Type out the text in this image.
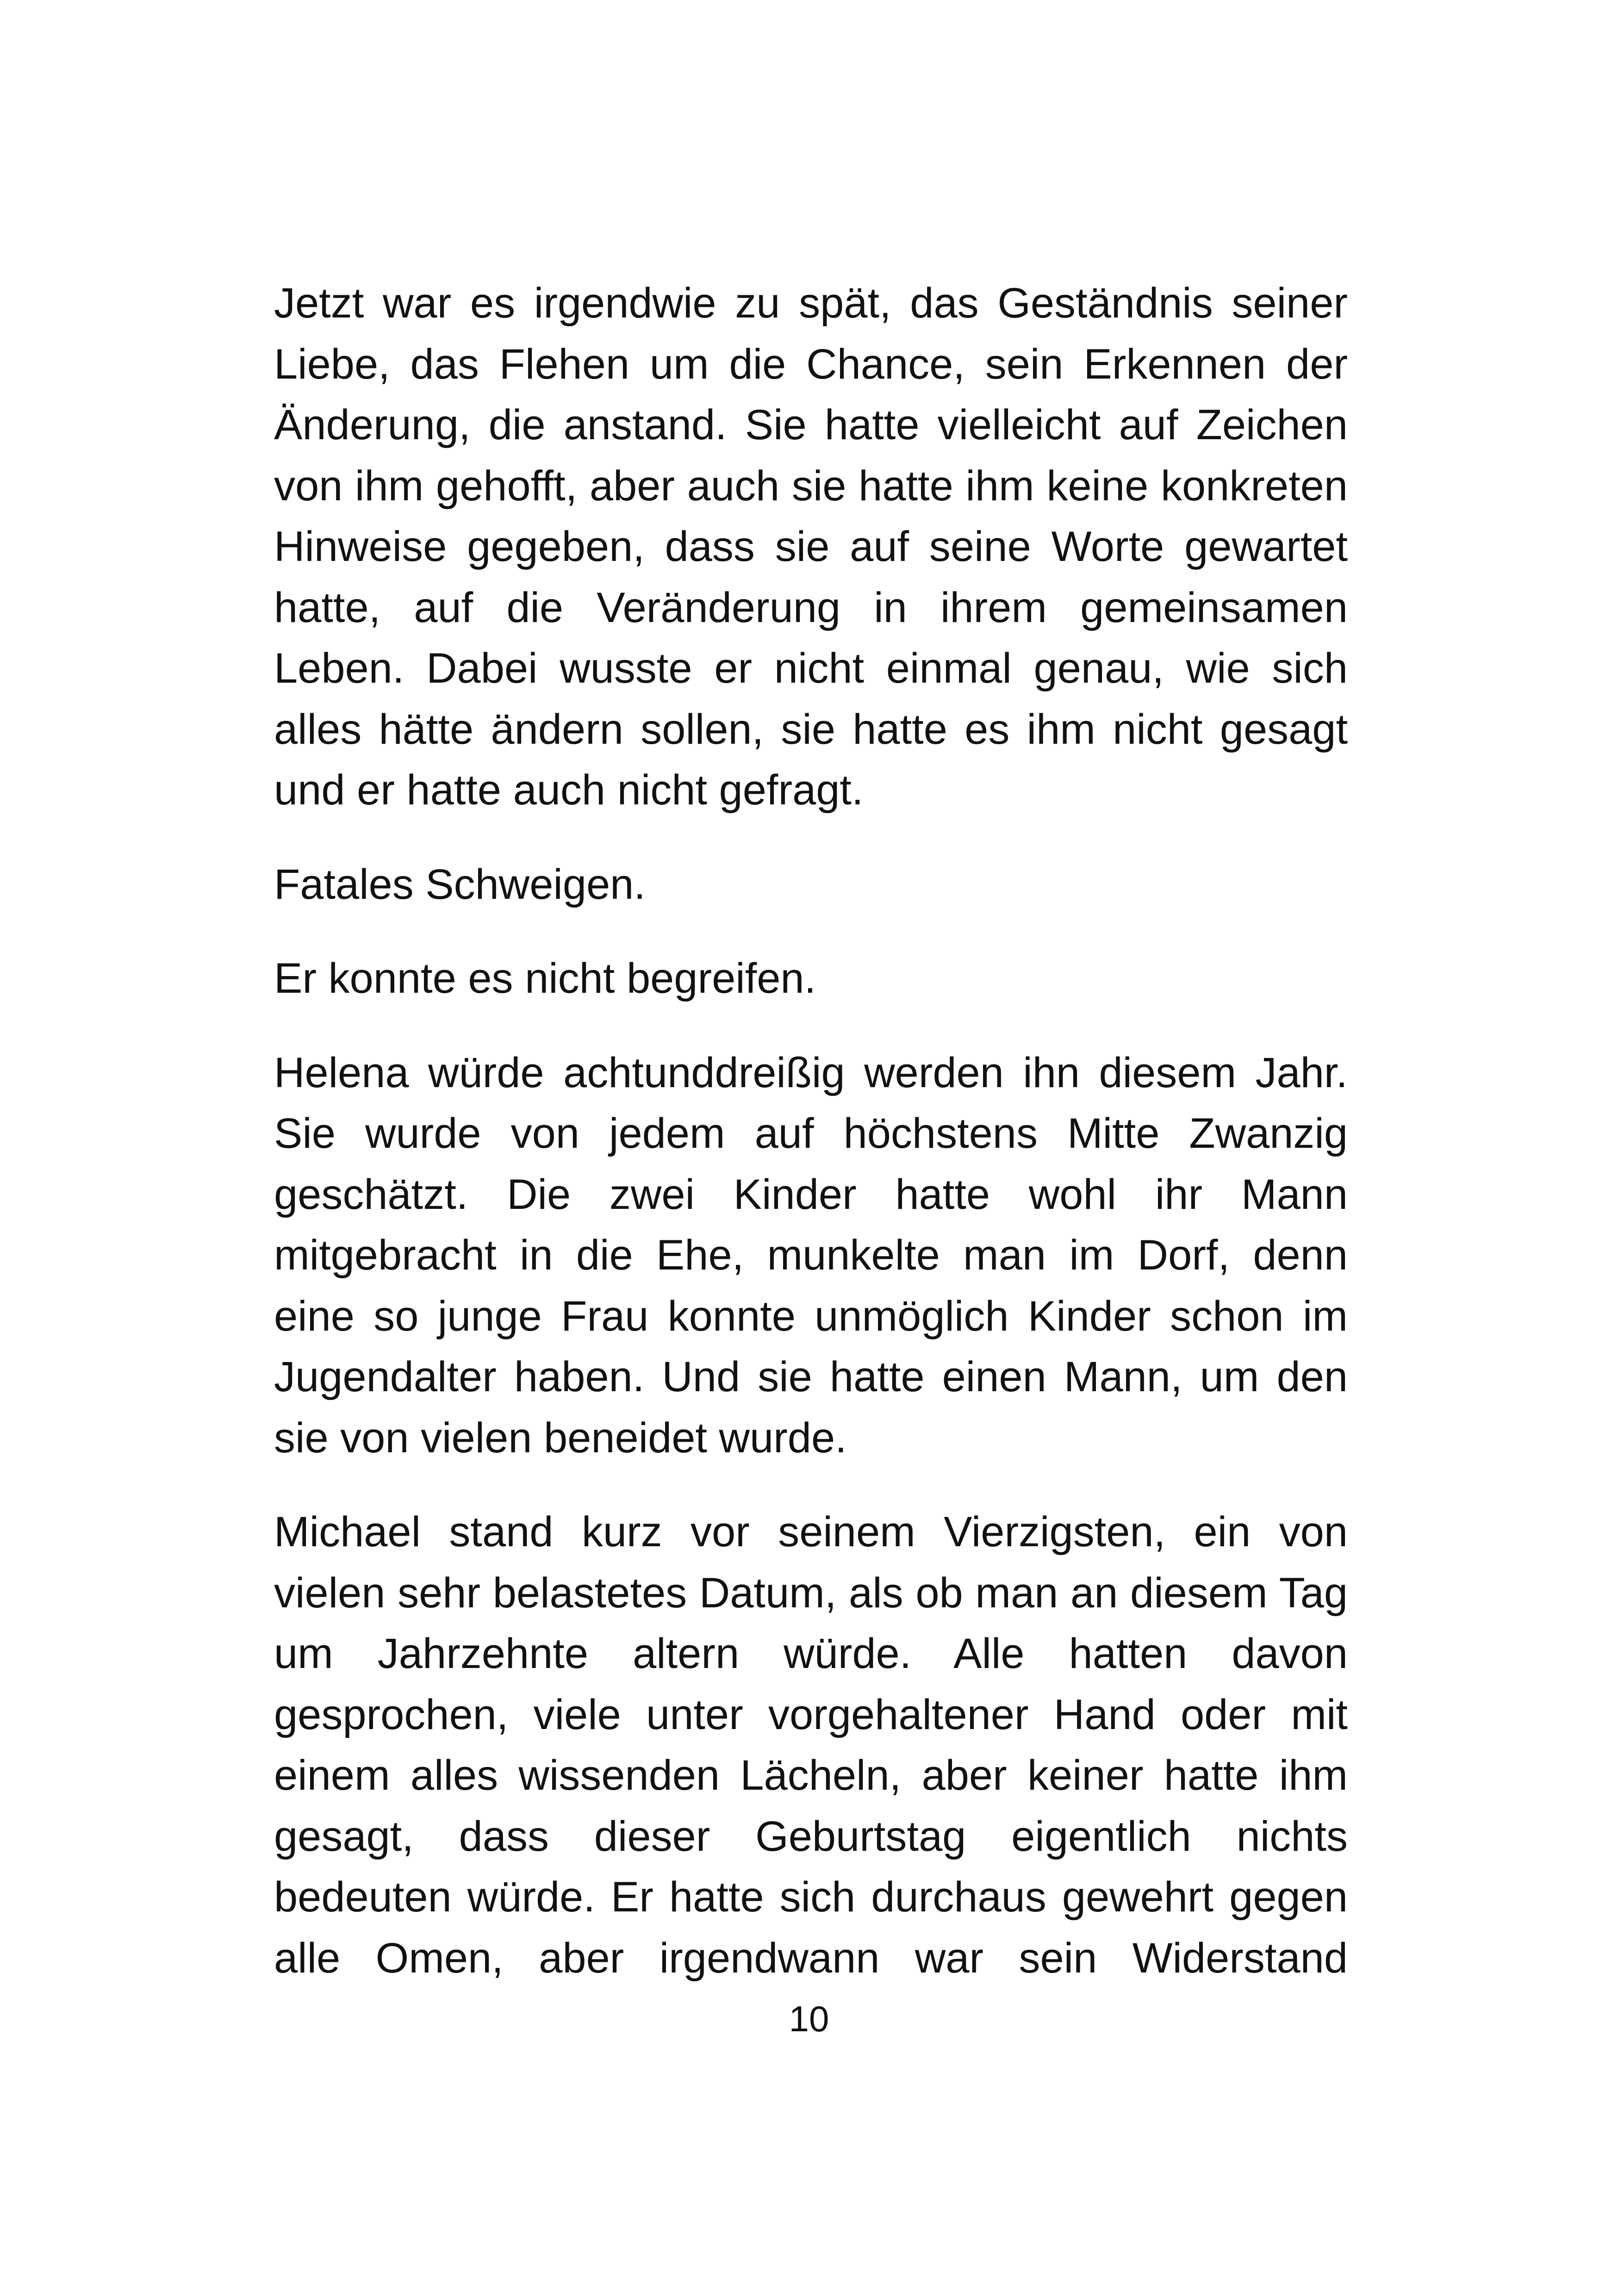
Jetzt war es irgendwie zu spät, das Geständnis seiner Liebe, das Flehen um die Chance, sein Erkennen der Änderung, die anstand. Sie hatte vielleicht auf Zeichen von ihm gehofft, aber auch sie hatte ihm keine konkreten Hinweise gegeben, dass sie auf seine Worte gewartet hatte, auf die Veränderung in ihrem gemeinsamen Leben. Dabei wusste er nicht einmal genau, wie sich alles hätte ändern sollen, sie hatte es ihm nicht gesagt und er hatte auch nicht gefragt.

Fatales Schweigen.

Er konnte es nicht begreifen.

Helena würde achtunddreißig werden ihn diesem Jahr. Sie wurde von jedem auf höchstens Mitte Zwanzig geschätzt. Die zwei Kinder hatte wohl ihr Mann mitgebracht in die Ehe, munkelte man im Dorf, denn eine so junge Frau konnte unmöglich Kinder schon im Jugendalter haben. Und sie hatte einen Mann, um den sie von vielen beneidet wurde.

Michael stand kurz vor seinem Vierzigsten, ein von vielen sehr belastetes Datum, als ob man an diesem Tag um Jahrzehnte altern würde. Alle hatten davon gesprochen, viele unter vorgehaltener Hand oder mit einem alles wissenden Lächeln, aber keiner hatte ihm gesagt, dass dieser Geburtstag eigentlich nichts bedeuten würde. Er hatte sich durchaus gewehrt gegen alle Omen, aber irgendwann war sein Widerstand

10
